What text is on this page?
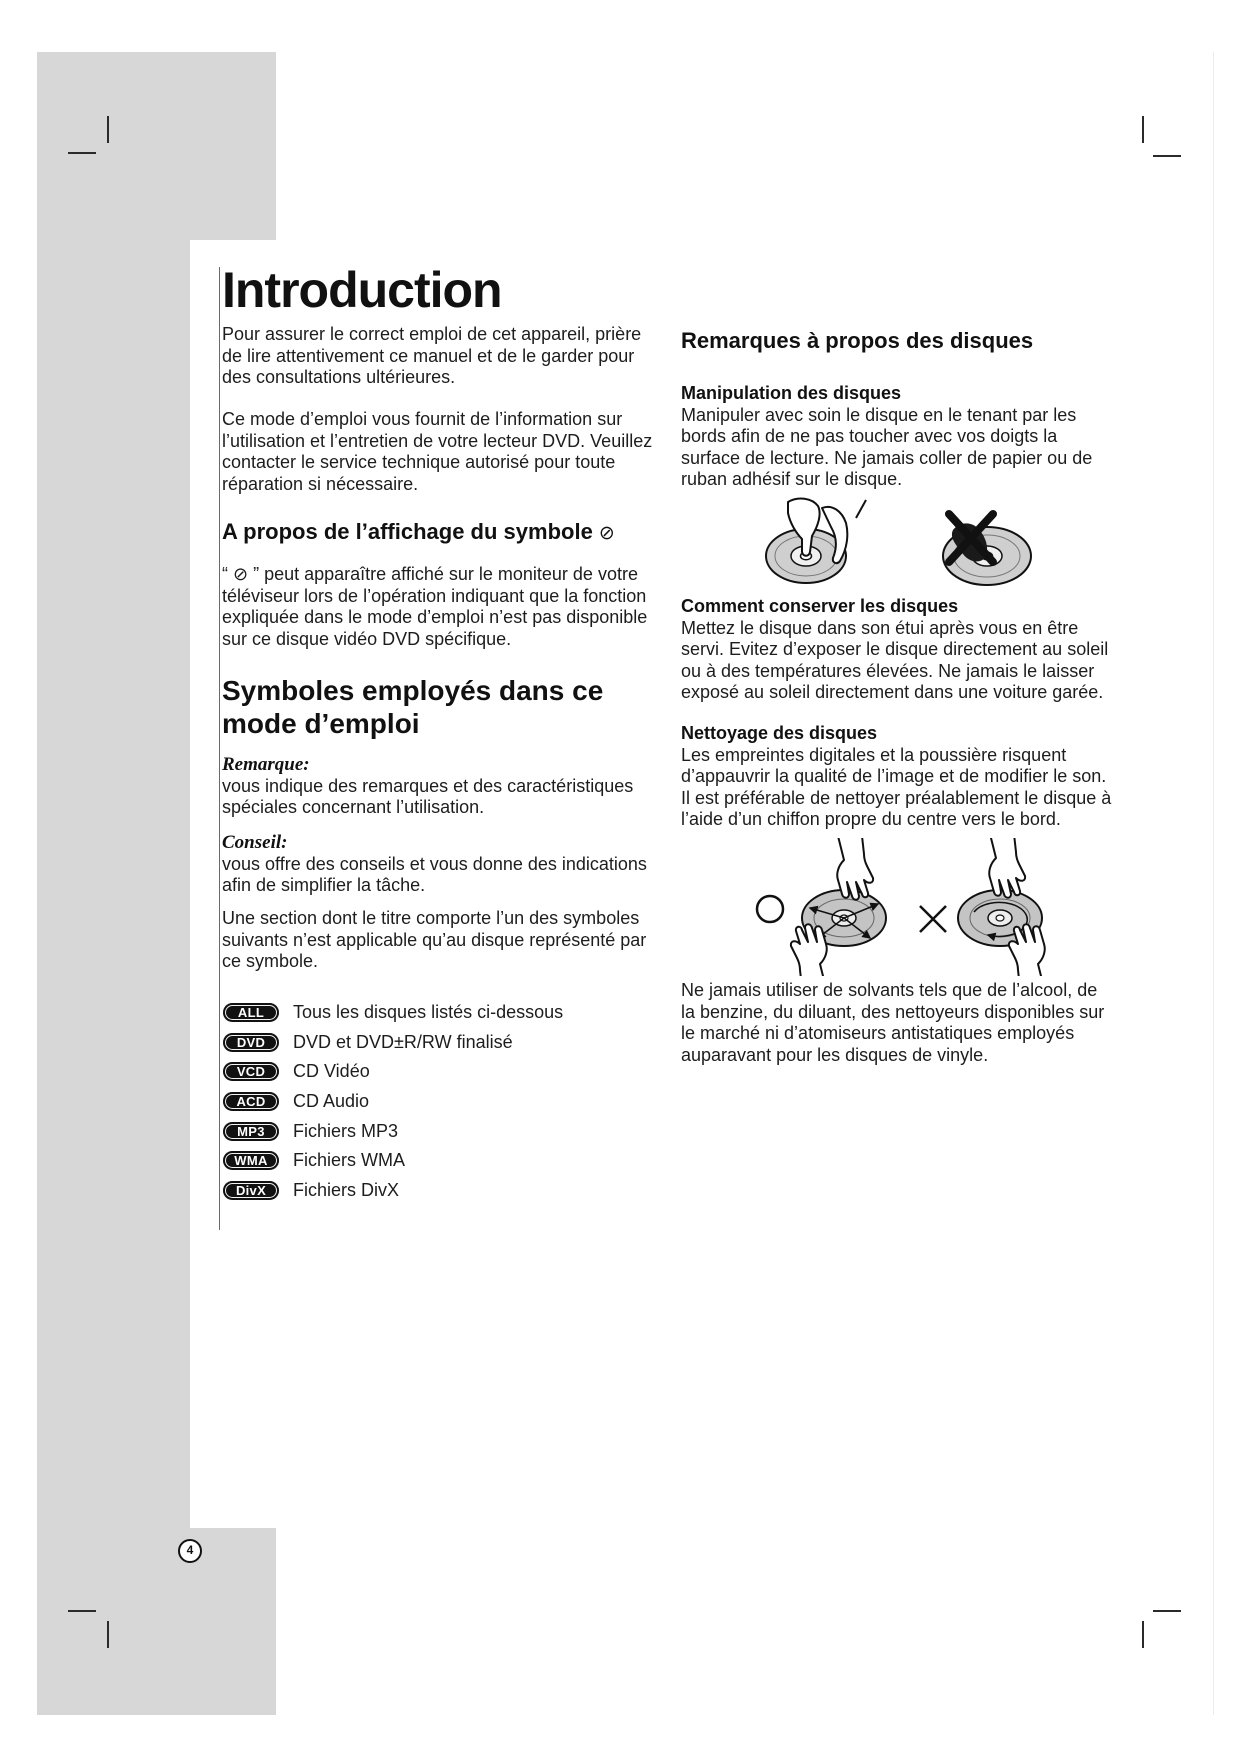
Introduction
Pour assurer le correct emploi de cet appareil, prière
de lire attentivement ce manuel et de le garder pour
des consultations ultérieures.
Ce mode d’emploi vous fournit de l’information sur
l’utilisation et l’entretien de votre lecteur DVD. Veuillez
contacter le service technique autorisé pour toute
réparation si nécessaire.
A propos de l’affichage du symbole ⊘
“ ⊘ ” peut apparaître affiché sur le moniteur de votre
téléviseur lors de l’opération indiquant que la fonction
expliquée dans le mode d’emploi n’est pas disponible
sur ce disque vidéo DVD spécifique.
Symboles employés dans ce
mode d’emploi
Remarque:
vous indique des remarques et des caractéristiques
spéciales concernant l’utilisation.
Conseil:
vous offre des conseils et vous donne des indications
afin de simplifier la tâche.
Une section dont le titre comporte l’un des symboles
suivants n’est applicable qu’au disque représenté par
ce symbole.
ALL	Tous les disques listés ci-dessous
DVD	DVD et DVD±R/RW finalisé
VCD	CD Vidéo
ACD	CD Audio
MP3	Fichiers MP3
WMA	Fichiers WMA
DivX	Fichiers DivX
Remarques à propos des disques
Manipulation des disques
Manipuler avec soin le disque en le tenant par les
bords afin de ne pas toucher avec vos doigts la
surface de lecture. Ne jamais coller de papier ou de
ruban adhésif sur le disque.
Comment conserver les disques
Mettez le disque dans son étui après vous en être
servi. Evitez d’exposer le disque directement au soleil
ou à des températures élevées. Ne jamais le laisser
exposé au soleil directement dans une voiture garée.
Nettoyage des disques
Les empreintes digitales et la poussière risquent
d’appauvrir la qualité de l’image et de modifier le son.
Il est préférable de nettoyer préalablement le disque à
l’aide d’un chiffon propre du centre vers le bord.
Ne jamais utiliser de solvants tels que de l’alcool, de
la benzine, du diluant, des nettoyeurs disponibles sur
le marché ni d’atomiseurs antistatiques employés
auparavant pour les disques de vinyle.
4
